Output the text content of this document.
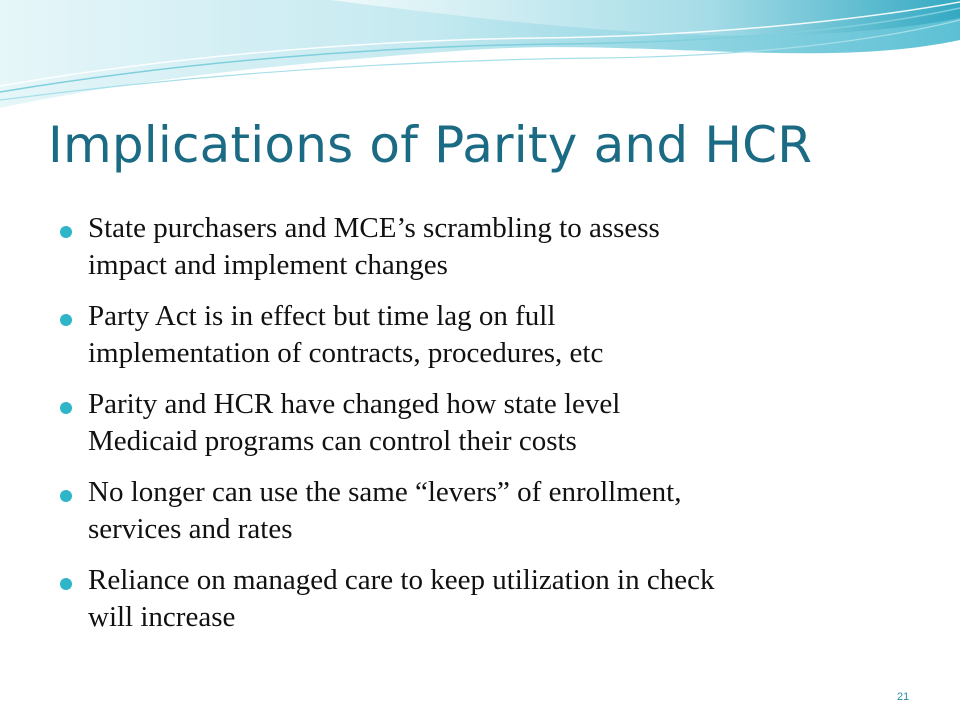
Implications of Parity and HCR
State purchasers and MCE’s scrambling to assess
impact and implement changes
Party Act is in effect but time lag on full
implementation of contracts, procedures, etc
Parity and HCR have changed how state level
Medicaid programs can control their costs
No longer can use the same “levers” of enrollment,
services and rates
Reliance on managed care to keep utilization in check
will increase
21
